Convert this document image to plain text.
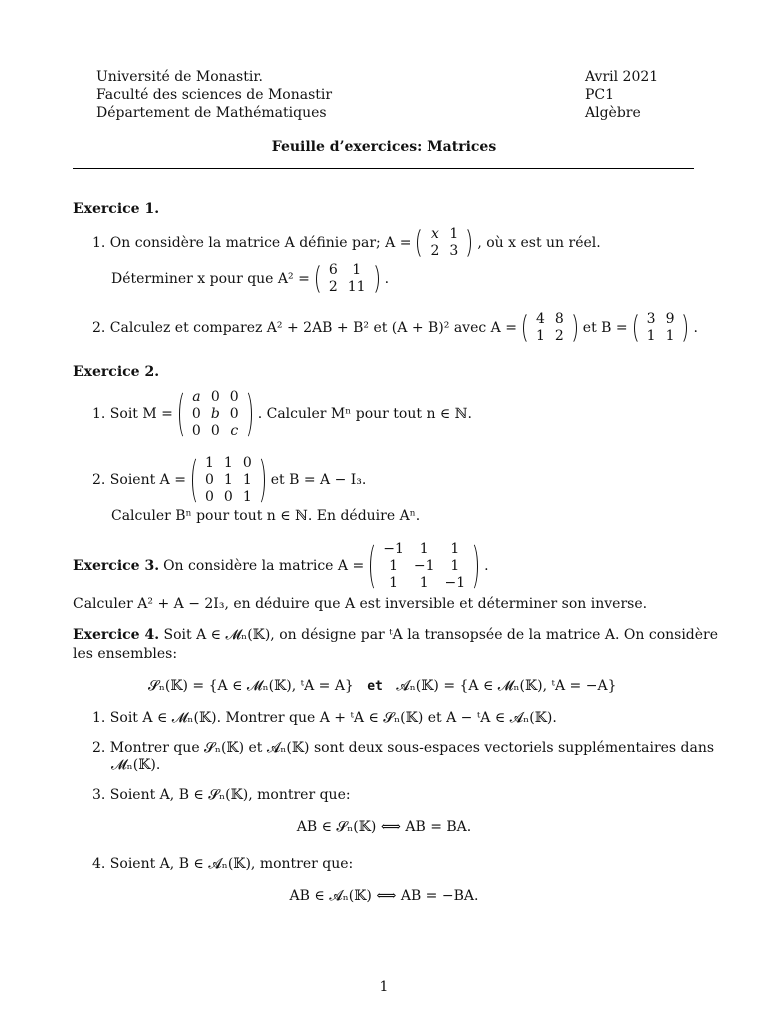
Université de Monastir.
Faculté des sciences de Monastir
Département de Mathématiques
Avril 2021
PC1
Algèbre
Feuille d’exercices: Matrices
Exercice 1.
1. On considère la matrice A définie par; A =
x	1
2	3
, où x est un réel.
Déterminer x pour que A² =
6	1
2	11
.
2. Calculez et comparez A² + 2AB + B² et (A + B)² avec A =
4	8
1	2
et B =
3	9
1	1
.
Exercice 2.
1. Soit M =
a	0	0
0	b	0
0	0	c
. Calculer Mⁿ pour tout n ∈ ℕ.
2. Soient A =
1	1	0
0	1	1
0	0	1
et B = A − I₃.
Calculer Bⁿ pour tout n ∈ ℕ. En déduire Aⁿ.
Exercice 3. On considère la matrice A =
−1	1	1
1	−1	1
1	1	−1
.
Calculer A² + A − 2I₃, en déduire que A est inversible et déterminer son inverse.
Exercice 4. Soit A ∈ 𝓜ₙ(𝕂), on désigne par ᵗA la transopsée de la matrice A. On considère
les ensembles:
𝓢ₙ(𝕂) = {A ∈ 𝓜ₙ(𝕂), ᵗA = A} et 𝓐ₙ(𝕂) = {A ∈ 𝓜ₙ(𝕂), ᵗA = −A}
1. Soit A ∈ 𝓜ₙ(𝕂). Montrer que A + ᵗA ∈ 𝓢ₙ(𝕂) et A − ᵗA ∈ 𝓐ₙ(𝕂).
2. Montrer que 𝓢ₙ(𝕂) et 𝓐ₙ(𝕂) sont deux sous-espaces vectoriels supplémentaires dans
𝓜ₙ(𝕂).
3. Soient A, B ∈ 𝓢ₙ(𝕂), montrer que:
AB ∈ 𝓢ₙ(𝕂) ⟺ AB = BA.
4. Soient A, B ∈ 𝓐ₙ(𝕂), montrer que:
AB ∈ 𝓐ₙ(𝕂) ⟺ AB = −BA.
1
